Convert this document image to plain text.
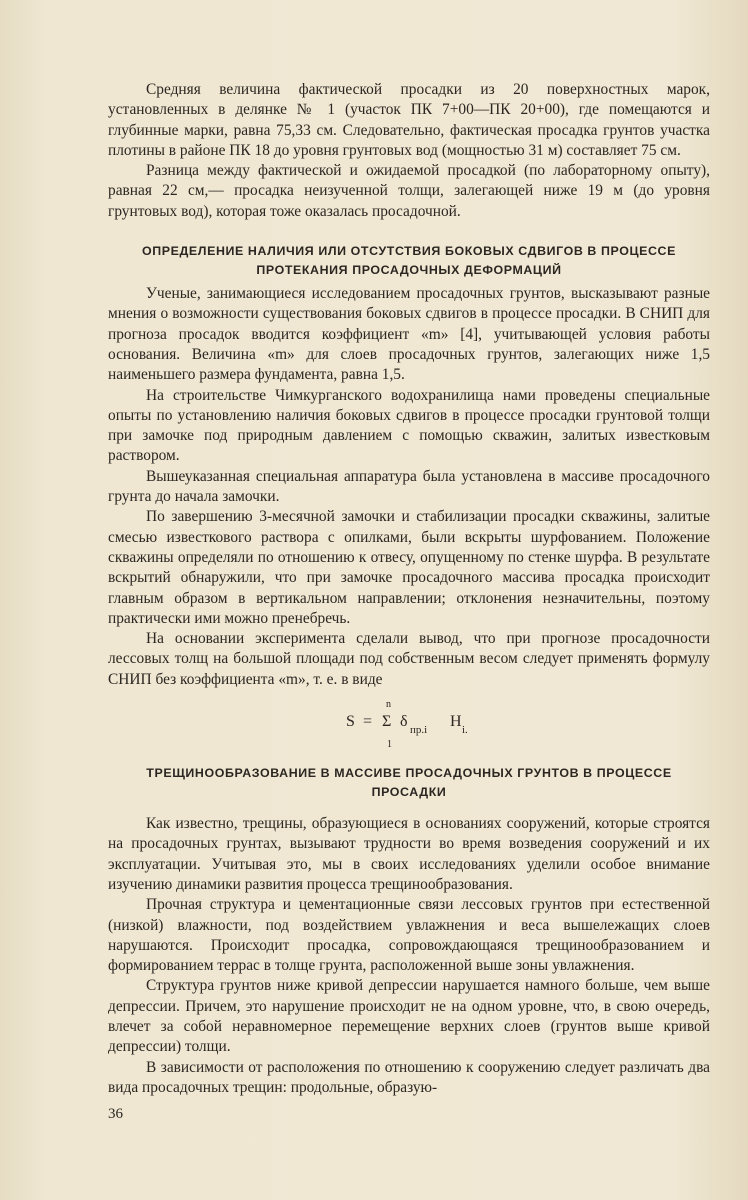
Средняя величина фактической просадки из 20 поверхностных марок, установленных в делянке № 1 (участок ПК 7+00—ПК 20+00), где помещаются и глубинные марки, равна 75,33 см. Следовательно, фактическая просадка грунтов участка плотины в районе ПК 18 до уровня грунтовых вод (мощностью 31 м) составляет 75 см.

Разница между фактической и ожидаемой просадкой (по лабораторному опыту), равная 22 см,— просадка неизученной толщи, залегающей ниже 19 м (до уровня грунтовых вод), которая тоже оказалась просадочной.

ОПРЕДЕЛЕНИЕ НАЛИЧИЯ ИЛИ ОТСУТСТВИЯ БОКОВЫХ СДВИГОВ В ПРОЦЕССЕ ПРОТЕКАНИЯ ПРОСАДОЧНЫХ ДЕФОРМАЦИЙ

Ученые, занимающиеся исследованием просадочных грунтов, высказывают разные мнения о возможности существования боковых сдвигов в процессе просадки. В СНИП для прогноза просадок вводится коэффициент «m» [4], учитывающей условия работы основания. Величина «m» для слоев просадочных грунтов, залегающих ниже 1,5 наименьшего размера фундамента, равна 1,5.

На строительстве Чимкурганского водохранилища нами проведены специальные опыты по установлению наличия боковых сдвигов в процессе просадки грунтовой толщи при замочке под природным давлением с помощью скважин, залитых известковым раствором.

Вышеуказанная специальная аппаратура была установлена в массиве просадочного грунта до начала замочки.

По завершению 3-месячной замочки и стабилизации просадки скважины, залитые смесью известкового раствора с опилками, были вскрыты шурфованием. Положение скважины определяли по отношению к отвесу, опущенному по стенке шурфа. В результате вскрытий обнаружили, что при замочке просадочного массива просадка происходит главным образом в вертикальном направлении; отклонения незначительны, поэтому практически ими можно пренебречь.

На основании эксперимента сделали вывод, что при прогнозе просадочности лессовых толщ на большой площади под собственным весом следует применять формулу СНИП без коэффициента «m», т. е. в виде

S =
n
Σ
1
δ пр.i H i.
ТРЕЩИНООБРАЗОВАНИЕ В МАССИВЕ ПРОСАДОЧНЫХ ГРУНТОВ В ПРОЦЕССЕ ПРОСАДКИ

Как известно, трещины, образующиеся в основаниях сооружений, которые строятся на просадочных грунтах, вызывают трудности во время возведения сооружений и их эксплуатации. Учитывая это, мы в своих исследованиях уделили особое внимание изучению динамики развития процесса трещинообразования.

Прочная структура и цементационные связи лессовых грунтов при естественной (низкой) влажности, под воздействием увлажнения и веса вышележащих слоев нарушаются. Происходит просадка, сопровождающаяся трещинообразованием и формированием террас в толще грунта, расположенной выше зоны увлажнения.

Структура грунтов ниже кривой депрессии нарушается намного больше, чем выше депрессии. Причем, это нарушение происходит не на одном уровне, что, в свою очередь, влечет за собой неравномерное перемещение верхних слоев (грунтов выше кривой депрессии) толщи.

В зависимости от расположения по отношению к сооружению следует различать два вида просадочных трещин: продольные, образую-

36
